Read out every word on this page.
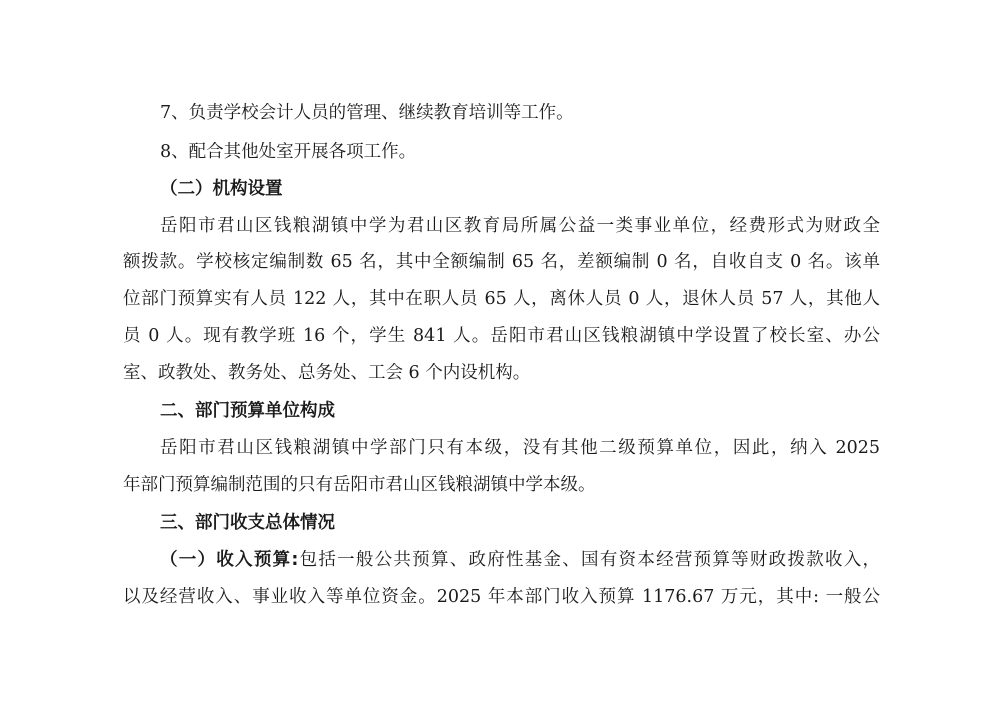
7、负责学校会计人员的管理、继续教育培训等工作。
8、配合其他处室开展各项工作。
（二）机构设置
岳阳市君山区钱粮湖镇中学为君山区教育局所属公益一类事业单位，经费形式为财政全
额拨款。学校核定编制数 65 名，其中全额编制 65 名，差额编制 0 名，自收自支 0 名。该单
位部门预算实有人员 122 人，其中在职人员 65 人，离休人员 0 人，退休人员 57 人，其他人
员 0 人。现有教学班 16 个，学生 841 人。岳阳市君山区钱粮湖镇中学设置了校长室、办公
室、政教处、教务处、总务处、工会 6 个内设机构。
二、部门预算单位构成
岳阳市君山区钱粮湖镇中学部门只有本级，没有其他二级预算单位，因此，纳入 2025
年部门预算编制范围的只有岳阳市君山区钱粮湖镇中学本级。
三、部门收支总体情况
（一）收入预算:包括一般公共预算、政府性基金、国有资本经营预算等财政拨款收入，
以及经营收入、事业收入等单位资金。2025 年本部门收入预算 1176.67 万元，其中: 一般公
